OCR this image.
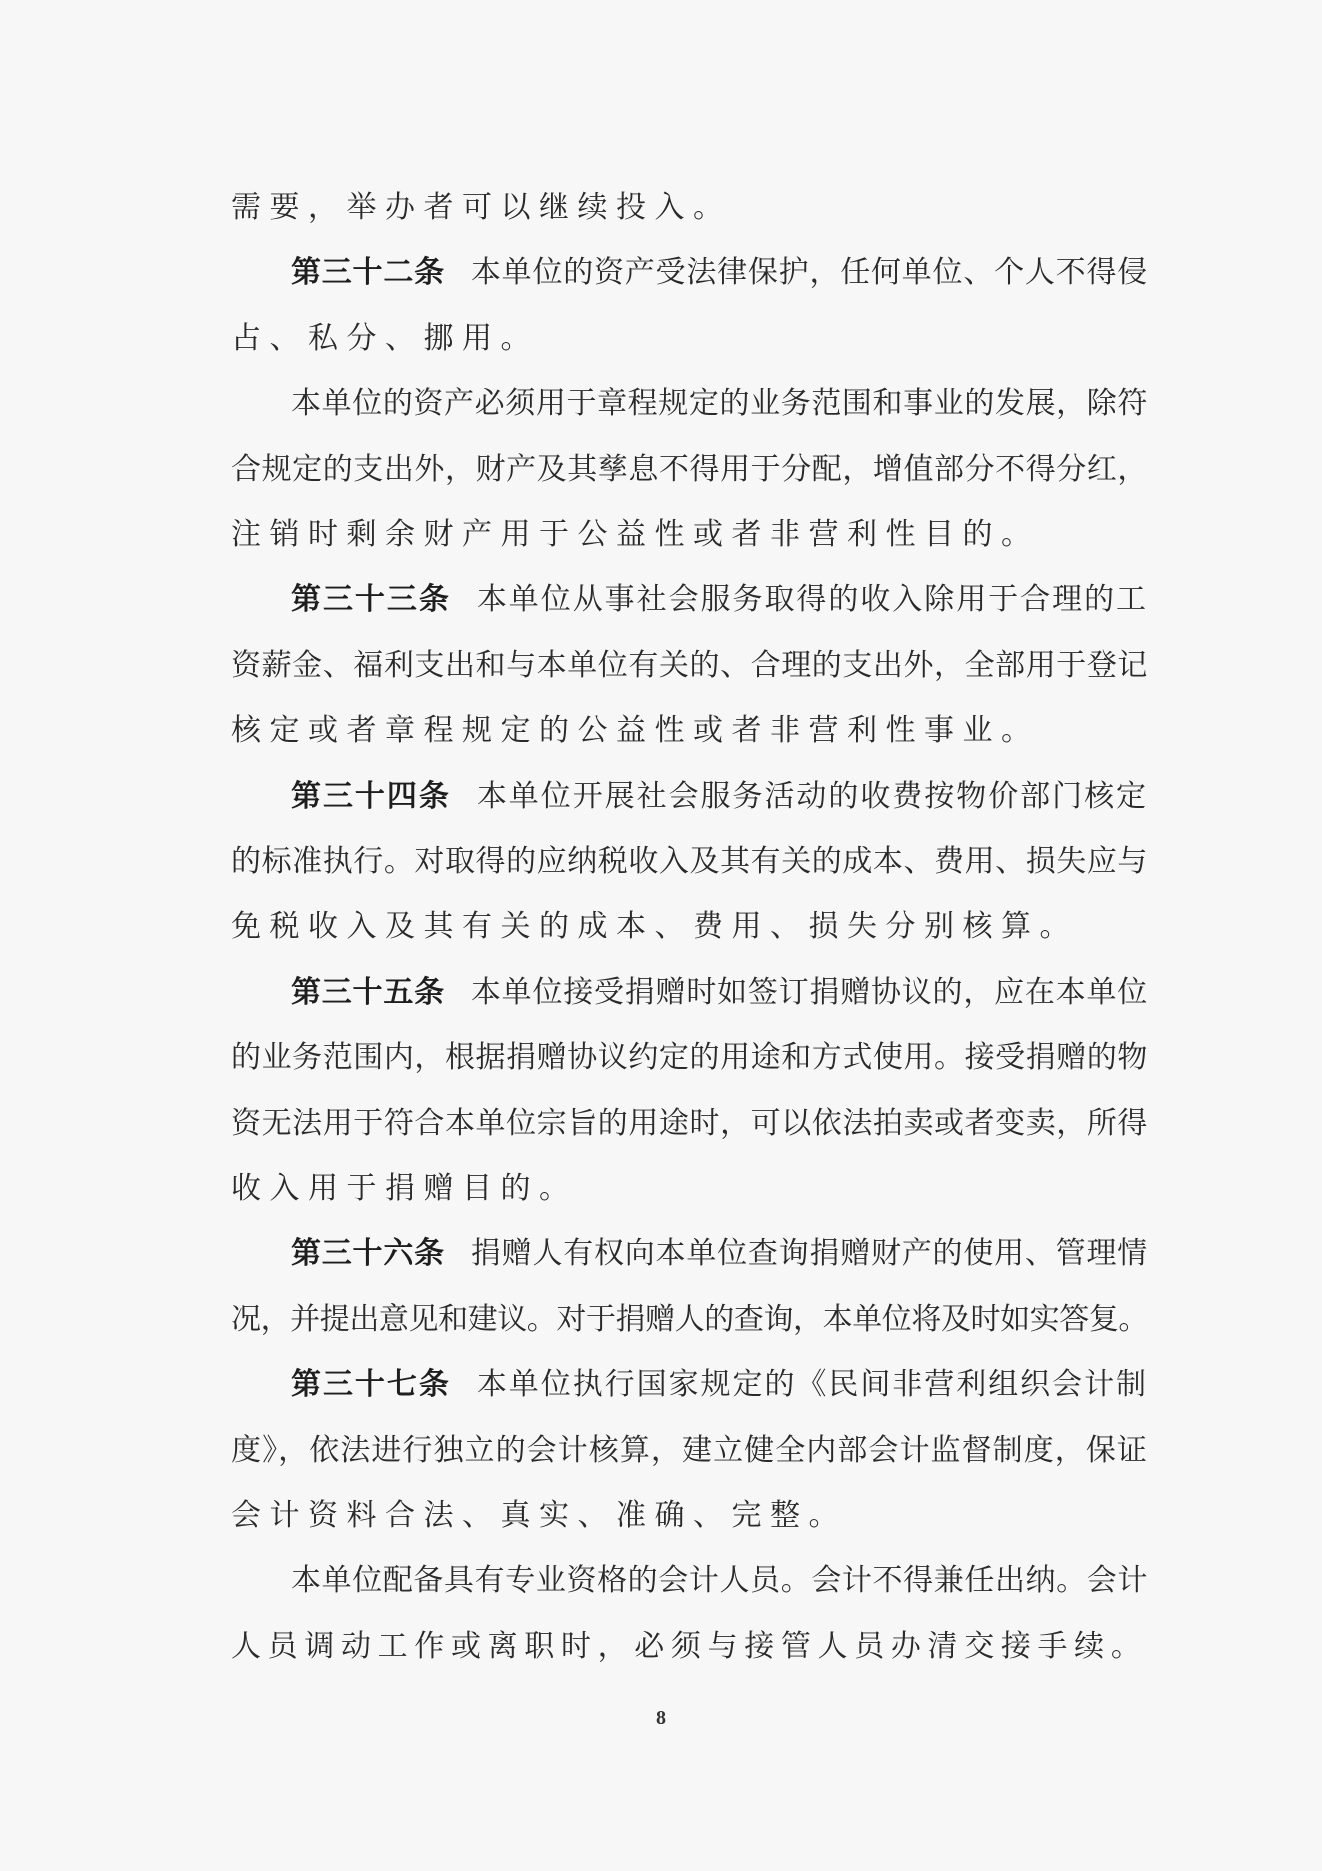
需要，举办者可以继续投入。
第三十二条 本单位的资产受法律保护，任何单位、个人不得侵
占、私分、挪用。
本单位的资产必须用于章程规定的业务范围和事业的发展，除符
合规定的支出外，财产及其孳息不得用于分配，增值部分不得分红，
注销时剩余财产用于公益性或者非营利性目的。
第三十三条 本单位从事社会服务取得的收入除用于合理的工
资薪金、福利支出和与本单位有关的、合理的支出外，全部用于登记
核定或者章程规定的公益性或者非营利性事业。
第三十四条 本单位开展社会服务活动的收费按物价部门核定
的标准执行。对取得的应纳税收入及其有关的成本、费用、损失应与
免税收入及其有关的成本、费用、损失分别核算。
第三十五条 本单位接受捐赠时如签订捐赠协议的，应在本单位
的业务范围内，根据捐赠协议约定的用途和方式使用。接受捐赠的物
资无法用于符合本单位宗旨的用途时，可以依法拍卖或者变卖，所得
收入用于捐赠目的。
第三十六条 捐赠人有权向本单位查询捐赠财产的使用、管理情
况，并提出意见和建议。对于捐赠人的查询，本单位将及时如实答复。
第三十七条 本单位执行国家规定的《民间非营利组织会计制
度》，依法进行独立的会计核算，建立健全内部会计监督制度，保证
会计资料合法、真实、准确、完整。
本单位配备具有专业资格的会计人员。会计不得兼任出纳。会计
人员调动工作或离职时，必须与接管人员办清交接手续。
8
